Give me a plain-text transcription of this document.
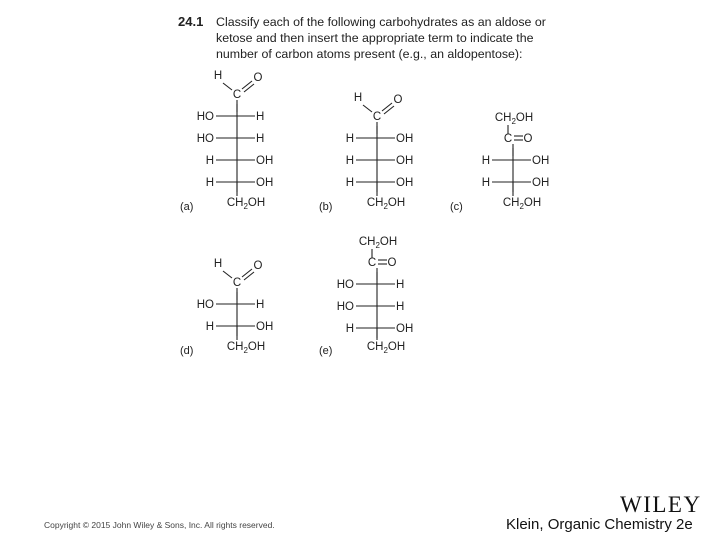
24.1 Classify each of the following carbohydrates as an aldose or ketose and then insert the appropriate term to indicate the number of carbon atoms present (e.g., an aldopentose):
H
C
O
HO	H
HO	H
H	OH
H	OH
$CH_2OH$
(a)
H
C
O
H	OH
H	OH
H	OH
$CH_2OH$
(b)
$CH_2OH$
C O
H	OH
H	OH
$CH_2OH$
(c)
H
C
O
HO	H
H	OH
$CH_2OH$
(d)
$CH_2OH$
C O
HO	H
HO	H
H	OH
$CH_2OH$
(e)
Copyright © 2015 John Wiley & Sons, Inc. All rights reserved.
WILEY
Klein, Organic Chemistry 2e
